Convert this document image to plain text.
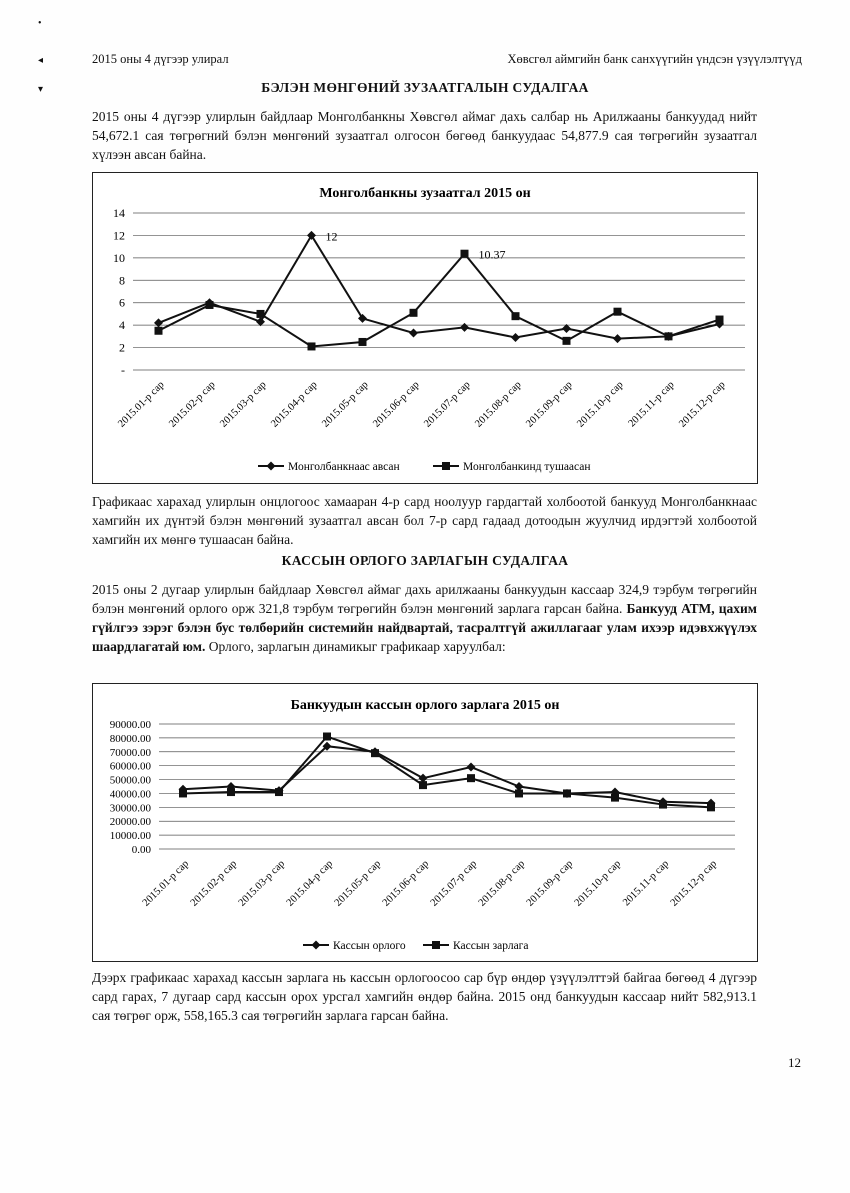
•
◂
▾
2015 оны 4 дүгээр улирал	Хөвсгөл аймгийн банк санхүүгийн үндсэн үзүүлэлтүүд
БЭЛЭН МӨНГӨНИЙ ЗУЗААТГАЛЫН СУДАЛГАА
2015 оны 4 дүгээр улирлын байдлаар Монголбанкны Хөвсгөл аймаг дахь салбар нь Арилжааны банкуудад нийт 54,672.1 сая төгрөгний бэлэн мөнгөний зузаатгал олгосон бөгөөд банкуудаас 54,877.9 сая төгрөгийн зузаатгал хүлээн авсан байна.
Монголбанкны зузаатгал 2015 он
-
2
4
6
8
10
12
14
2015.01-р сар 2015.02-р сар 2015.03-р сар 2015.04-р сар 2015.05-р сар 2015.06-р сар 2015.07-р сар 2015.08-р сар 2015.09-р сар 2015.10-р сар 2015.11-р сар 2015.12-р сар
12
10.37
Монголбанкнаас авсан	Монголбанкинд тушаасан
Графикаас харахад улирлын онцлогоос хамааран 4-р сард ноолуур гардагтай холбоотой банкууд Монголбанкнаас хамгийн их дүнтэй бэлэн мөнгөний зузаатгал авсан бол 7-р сард гадаад дотоодын жуулчид ирдэгтэй холбоотой хамгийн их мөнгө тушаасан байна.
КАССЫН ОРЛОГО ЗАРЛАГЫН СУДАЛГАА
2015 оны 2 дугаар улирлын байдлаар Хөвсгөл аймаг дахь арилжааны банкуудын кассаар 324,9 тэрбум төгрөгийн бэлэн мөнгөний орлого орж 321,8 тэрбум төгрөгийн бэлэн мөнгөний зарлага гарсан байна. Банкууд АТМ, цахим гүйлгээ зэрэг бэлэн бус төлбөрийн системийн найдвартай, тасралтгүй ажиллагааг улам ихээр идэвхжүүлэх шаардлагатай юм. Орлого, зарлагын динамикыг графикаар харуулбал:
Банкуудын кассын орлого зарлага 2015 он
0.00
10000.00
20000.00
30000.00
40000.00
50000.00
60000.00
70000.00
80000.00
90000.00
2015.01-р сар
2015.02-р сар
2015.03-р сар
2015.04-р сар
2015.05-р сар
2015.06-р сар
2015.07-р сар
2015.08-р сар
2015.09-р сар
2015.10-р сар
2015.11-р сар
2015.12-р сар
Кассын орлого	Кассын зарлага
Дээрх графикаас харахад кассын зарлага нь кассын орлогоосоо сар бүр өндөр үзүүлэлттэй байгаа бөгөөд 4 дүгээр сард гарах, 7 дугаар сард кассын орох урсгал хамгийн өндөр байна. 2015 онд банкуудын кассаар нийт 582,913.1 сая төгрөг орж, 558,165.3 сая төгрөгийн зарлага гарсан байна.
12
